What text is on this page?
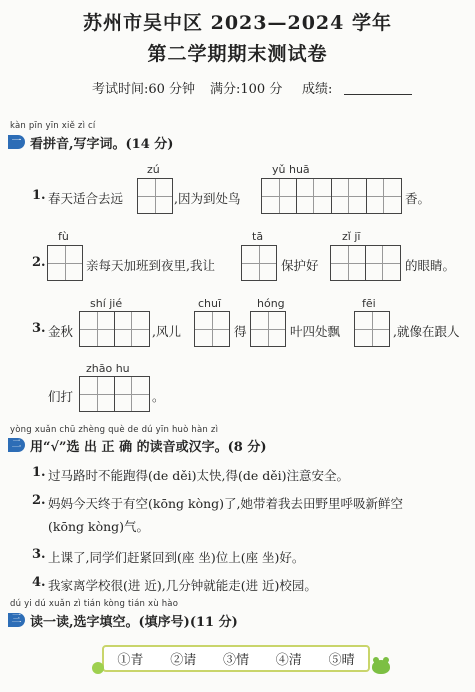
苏州市吴中区 2023—2024 学年
第二学期期末测试卷
考试时间:60 分钟 满分:100 分 成绩:
kàn pīn yīn xiě zì cí
一 看拼音,写字词。(14 分)
1. 春天适合去远
zú
,因为到处鸟
yǔ huā
香。
2.
fù
亲每天加班到夜里,我让
tā
保护好
zǐ jī
的眼睛。
3. 金秋
shí jié
,风儿
chuī
得
hóng
叶四处飘
fēi
,就像在跟人
们打
zhāo hu
。
yòng xuǎn chū zhèng què de dú yīn huò hàn zì
二 用“√”选 出 正 确 的读音或汉字。(8 分)
1. 过马路时不能跑得(de děi)太快,得(de děi)注意安全。
2. 妈妈今天终于有空(kōng kòng)了,她带着我去田野里呼吸新鲜空
(kōng kòng)气。
3. 上课了,同学们赶紧回到(座 坐)位上(座 坐)好。
4. 我家离学校很(进 近),几分钟就能走(进 近)校园。
dú yi dú xuǎn zì tián kòng tián xù hào
三 读一读,选字填空。(填序号)(11 分)
①青 ②请 ③情 ④清 ⑤晴
